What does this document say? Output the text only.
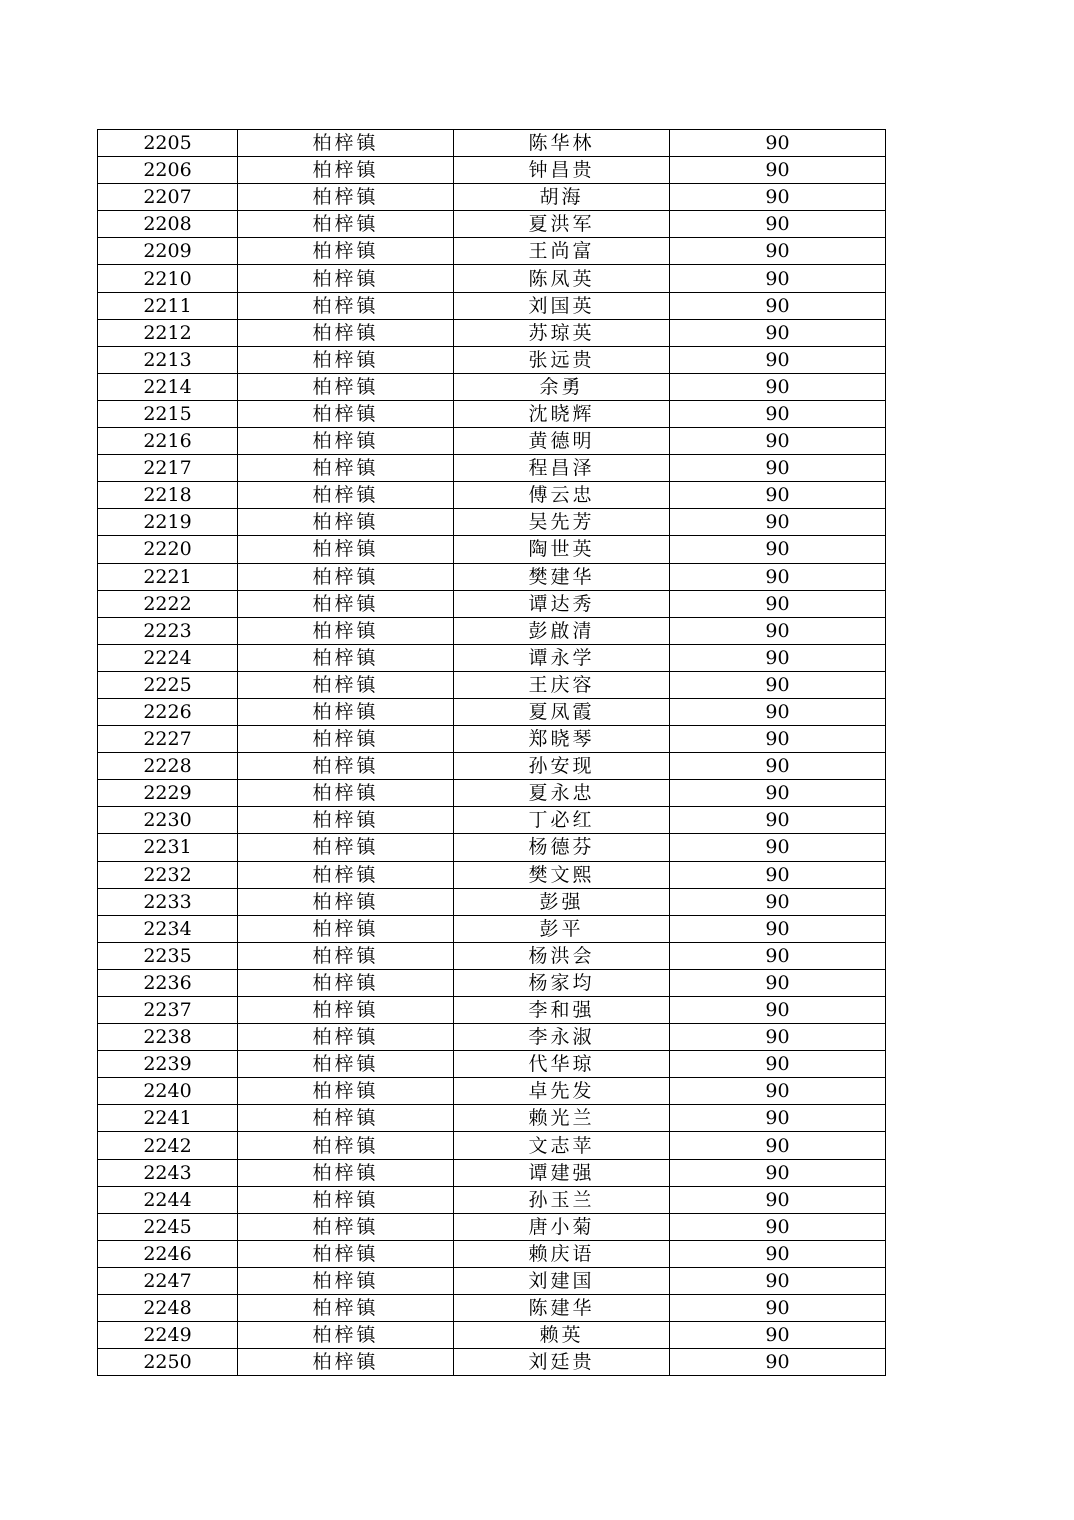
2205	柏梓镇	陈华林	90
2206	柏梓镇	钟昌贵	90
2207	柏梓镇	胡海	90
2208	柏梓镇	夏洪军	90
2209	柏梓镇	王尚富	90
2210	柏梓镇	陈凤英	90
2211	柏梓镇	刘国英	90
2212	柏梓镇	苏琼英	90
2213	柏梓镇	张远贵	90
2214	柏梓镇	余勇	90
2215	柏梓镇	沈晓辉	90
2216	柏梓镇	黄德明	90
2217	柏梓镇	程昌泽	90
2218	柏梓镇	傅云忠	90
2219	柏梓镇	吴先芳	90
2220	柏梓镇	陶世英	90
2221	柏梓镇	樊建华	90
2222	柏梓镇	谭达秀	90
2223	柏梓镇	彭啟清	90
2224	柏梓镇	谭永学	90
2225	柏梓镇	王庆容	90
2226	柏梓镇	夏凤霞	90
2227	柏梓镇	郑晓琴	90
2228	柏梓镇	孙安现	90
2229	柏梓镇	夏永忠	90
2230	柏梓镇	丁必红	90
2231	柏梓镇	杨德芬	90
2232	柏梓镇	樊文熙	90
2233	柏梓镇	彭强	90
2234	柏梓镇	彭平	90
2235	柏梓镇	杨洪会	90
2236	柏梓镇	杨家均	90
2237	柏梓镇	李和强	90
2238	柏梓镇	李永淑	90
2239	柏梓镇	代华琼	90
2240	柏梓镇	卓先发	90
2241	柏梓镇	赖光兰	90
2242	柏梓镇	文志苹	90
2243	柏梓镇	谭建强	90
2244	柏梓镇	孙玉兰	90
2245	柏梓镇	唐小菊	90
2246	柏梓镇	赖庆语	90
2247	柏梓镇	刘建国	90
2248	柏梓镇	陈建华	90
2249	柏梓镇	赖英	90
2250	柏梓镇	刘廷贵	90
